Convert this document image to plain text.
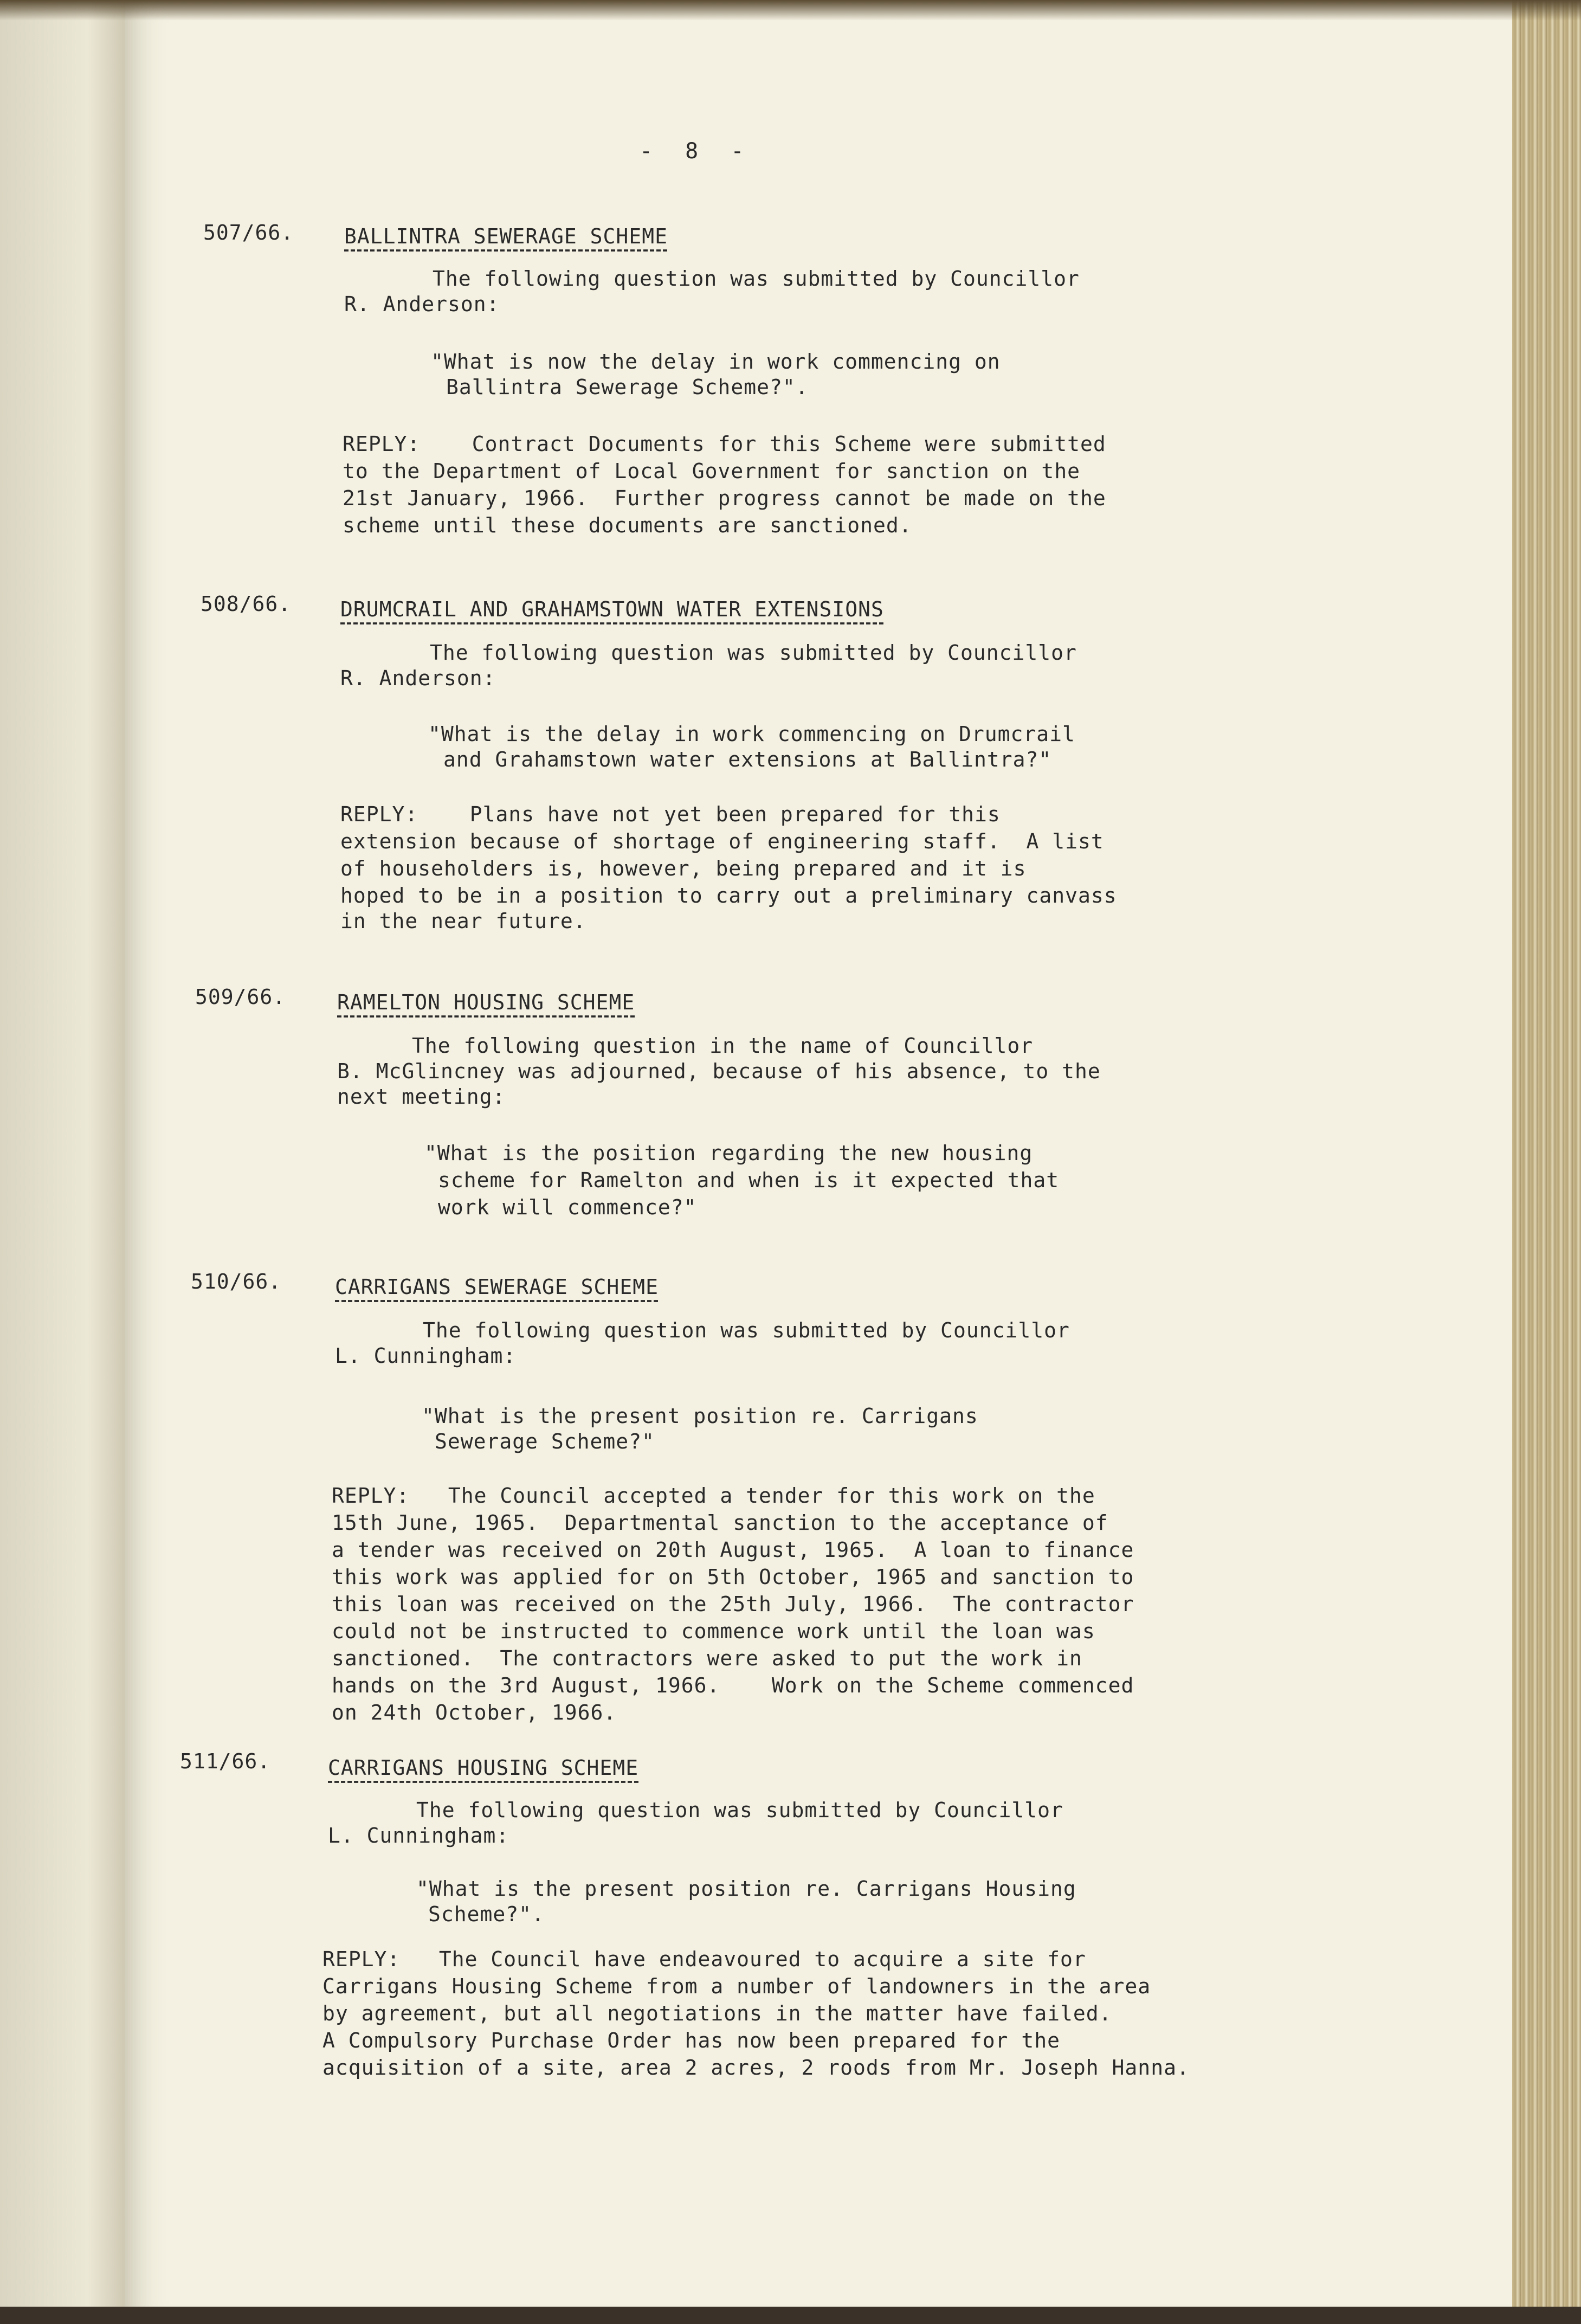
- 8 -
507/66. BALLINTRA SEWERAGE SCHEME
The following question was submitted by Councillor
R. Anderson:
"What is now the delay in work commencing on
Ballintra Sewerage Scheme?".
REPLY:    Contract Documents for this Scheme were submitted
to the Department of Local Government for sanction on the
21st January, 1966.  Further progress cannot be made on the
scheme until these documents are sanctioned.
508/66. DRUMCRAIL AND GRAHAMSTOWN WATER EXTENSIONS
The following question was submitted by Councillor
R. Anderson:
"What is the delay in work commencing on Drumcrail
and Grahamstown water extensions at Ballintra?"
REPLY:    Plans have not yet been prepared for this
extension because of shortage of engineering staff.  A list
of householders is, however, being prepared and it is
hoped to be in a position to carry out a preliminary canvass
in the near future.
509/66. RAMELTON HOUSING SCHEME
The following question in the name of Councillor
B. McGlincney was adjourned, because of his absence, to the
next meeting:
"What is the position regarding the new housing
scheme for Ramelton and when is it expected that
work will commence?"
510/66.	CARRIGANS SEWERAGE SCHEME
The following question was submitted by Councillor
L. Cunningham:
"What is the present position re. Carrigans
Sewerage Scheme?"
REPLY:   The Council accepted a tender for this work on the
15th June, 1965.  Departmental sanction to the acceptance of
a tender was received on 20th August, 1965.  A loan to finance
this work was applied for on 5th October, 1965 and sanction to
this loan was received on the 25th July, 1966.  The contractor
could not be instructed to commence work until the loan was
sanctioned.  The contractors were asked to put the work in
hands on the 3rd August, 1966.    Work on the Scheme commenced
on 24th October, 1966.
511/66.	CARRIGANS HOUSING SCHEME
The following question was submitted by Councillor
L. Cunningham:
"What is the present position re. Carrigans Housing
Scheme?".
REPLY:   The Council have endeavoured to acquire a site for
Carrigans Housing Scheme from a number of landowners in the area
by agreement, but all negotiations in the matter have failed.
A Compulsory Purchase Order has now been prepared for the
acquisition of a site, area 2 acres, 2 roods from Mr. Joseph Hanna.
